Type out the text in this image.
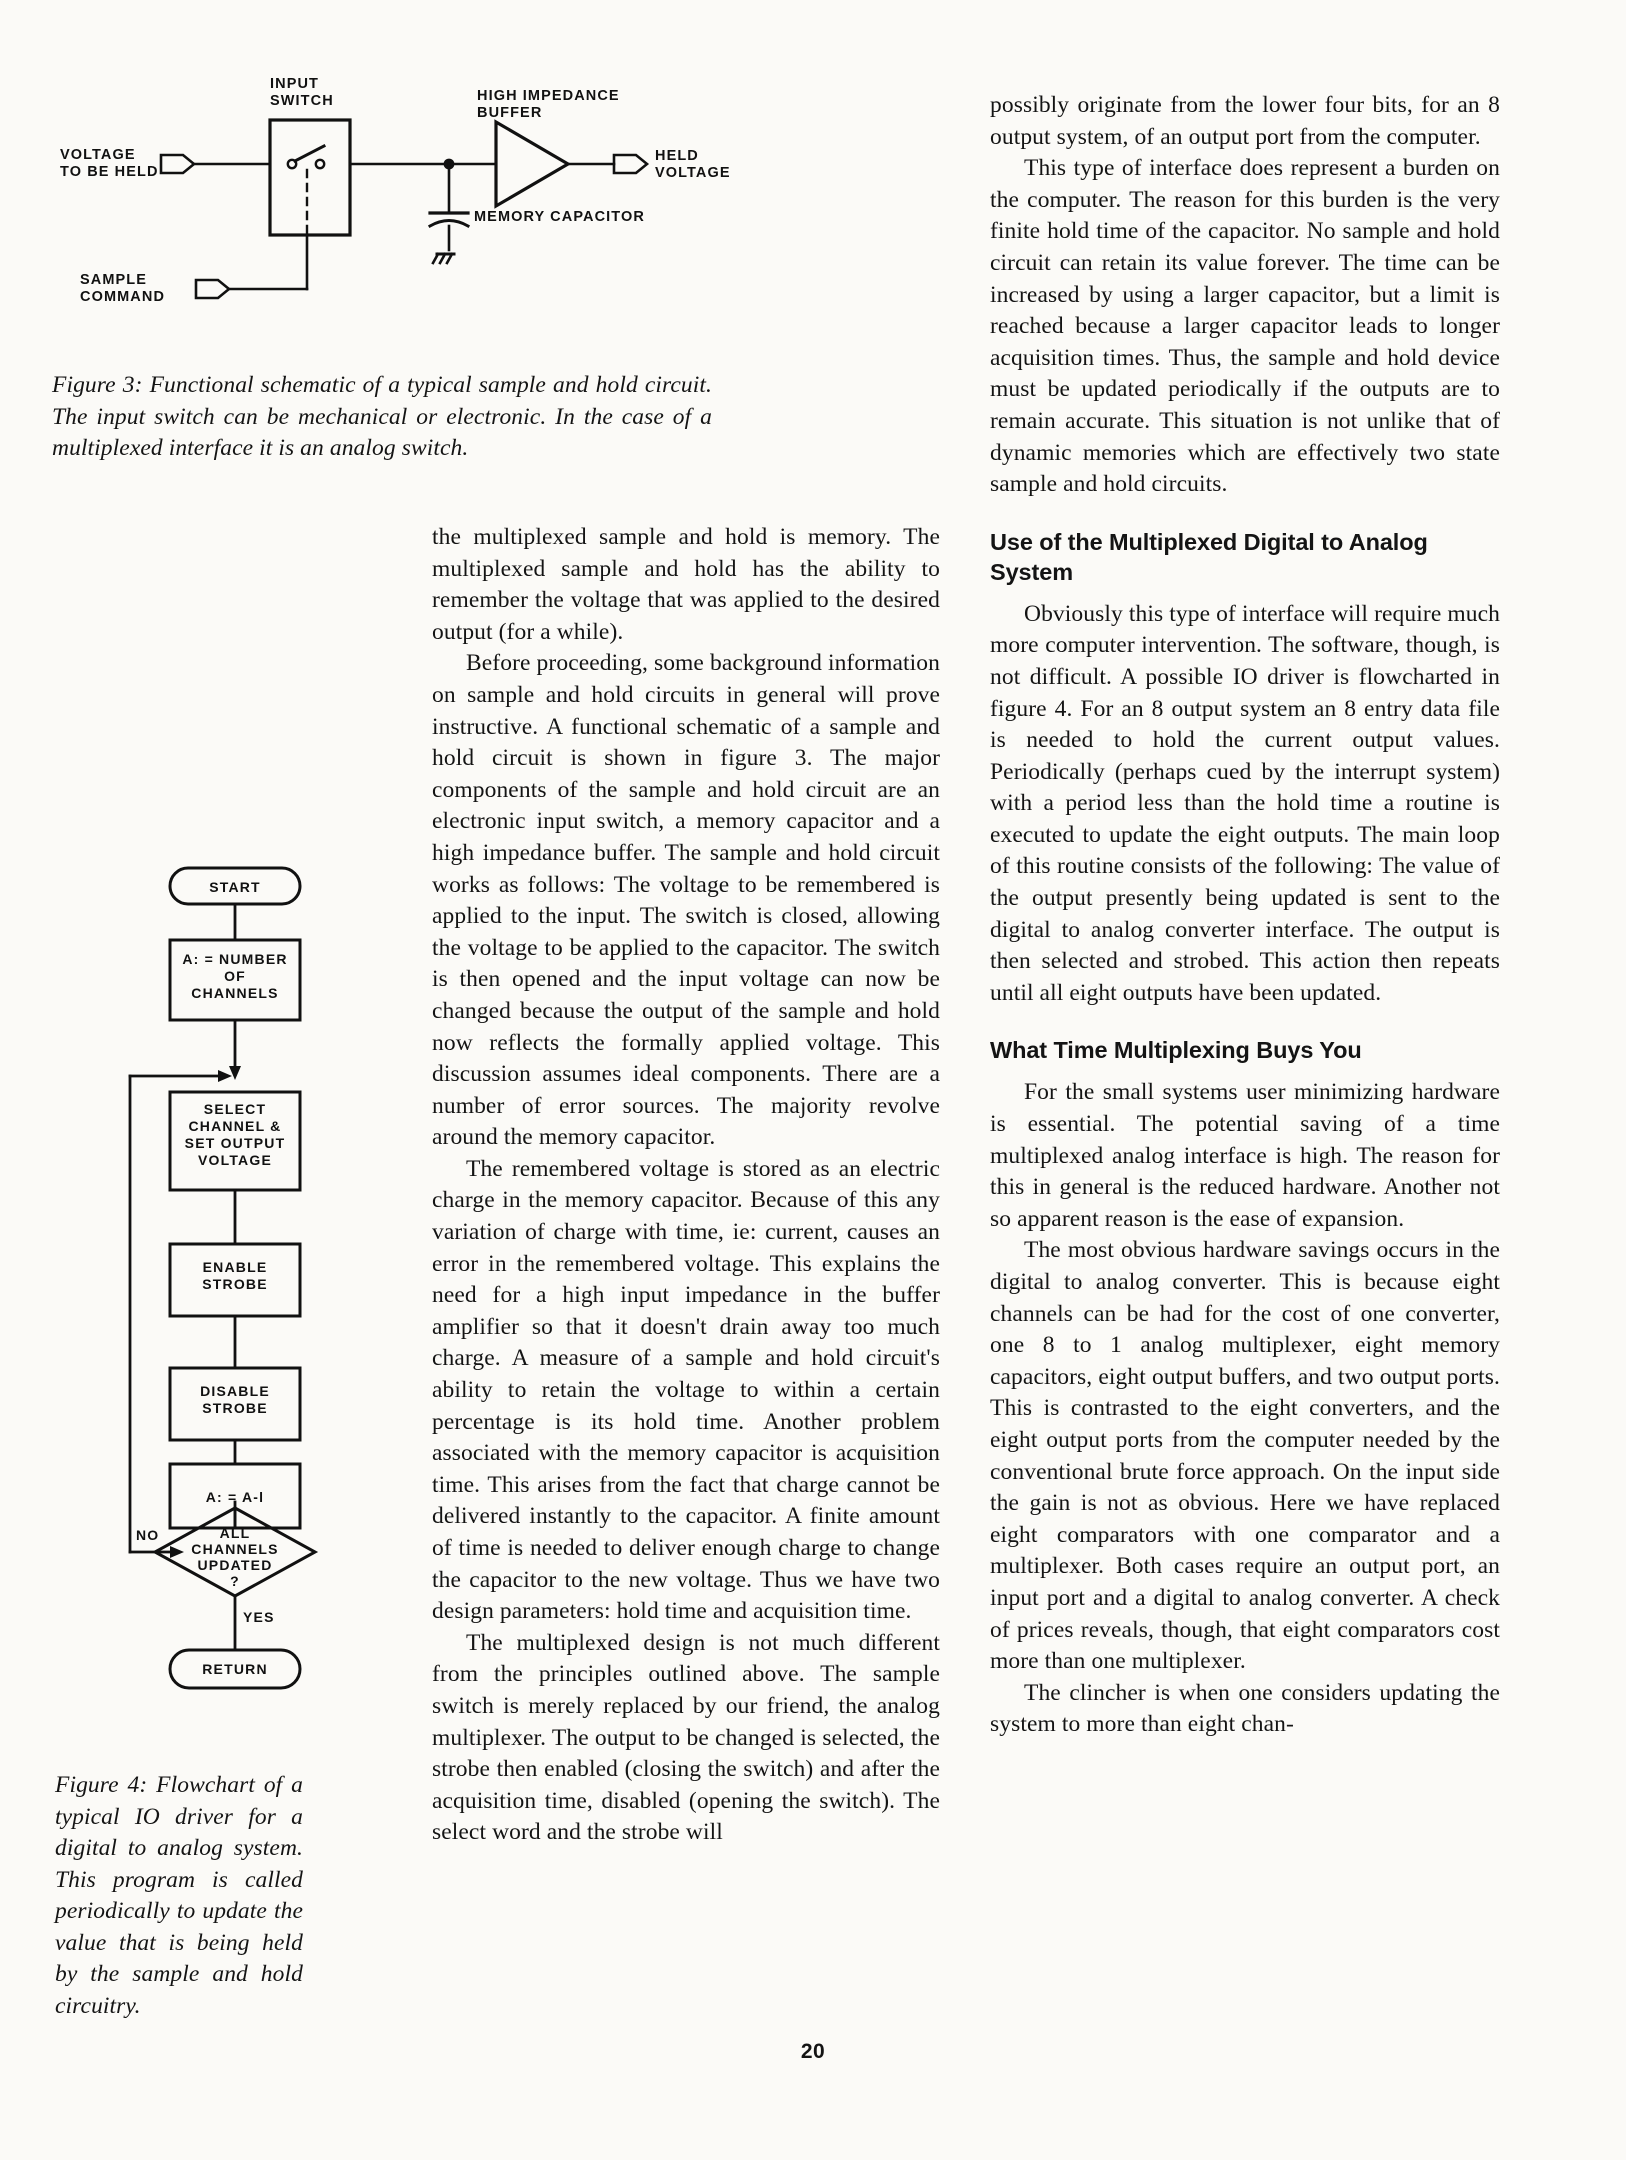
INPUT
SWITCH	HIGH IMPEDANCE
BUFFER
VOLTAGE
TO BE HELD
SAMPLE
COMMAND
HELD
VOLTAGE
MEMORY CAPACITOR
Figure 3: Functional schematic of a typical sample and hold circuit. The input switch can be mechanical or electronic. In the case of a multiplexed interface it is an analog switch.
START
A: = NUMBER
OF
CHANNELS
SELECT
CHANNEL &
SET OUTPUT
VOLTAGE
ENABLE
STROBE
DISABLE
STROBE
A: = A-l
ALL
CHANNELS
UPDATED
?
RETURN
NO
YES
Figure 4: Flowchart of a typical IO driver for a digital to analog system. This program is called periodically to update the value that is being held by the sample and hold circuitry.

the multiplexed sample and hold is memory. The multiplexed sample and hold has the ability to remember the voltage that was applied to the desired output (for a while).

Before proceeding, some background information on sample and hold circuits in general will prove instructive. A functional schematic of a sample and hold circuit is shown in figure 3. The major components of the sample and hold circuit are an electronic input switch, a memory capacitor and a high impedance buffer. The sample and hold circuit works as follows: The voltage to be remembered is applied to the input. The switch is closed, allowing the voltage to be applied to the capacitor. The switch is then opened and the input voltage can now be changed because the output of the sample and hold now reflects the formally applied voltage. This discussion assumes ideal components. There are a number of error sources. The majority revolve around the memory capacitor.

The remembered voltage is stored as an electric charge in the memory capacitor. Because of this any variation of charge with time, ie: current, causes an error in the remembered voltage. This explains the need for a high input impedance in the buffer amplifier so that it doesn't drain away too much charge. A measure of a sample and hold circuit's ability to retain the voltage to within a certain percentage is its hold time. Another problem associated with the memory capacitor is acquisition time. This arises from the fact that charge cannot be delivered instantly to the capacitor. A finite amount of time is needed to deliver enough charge to change the capacitor to the new voltage. Thus we have two design parameters: hold time and acquisition time.

The multiplexed design is not much different from the principles outlined above. The sample switch is merely replaced by our friend, the analog multiplexer. The output to be changed is selected, the strobe then enabled (closing the switch) and after the acquisition time, disabled (opening the switch). The select word and the strobe will

possibly originate from the lower four bits, for an 8 output system, of an output port from the computer.

This type of interface does represent a burden on the computer. The reason for this burden is the very finite hold time of the capacitor. No sample and hold circuit can retain its value forever. The time can be increased by using a larger capacitor, but a limit is reached because a larger capacitor leads to longer acquisition times. Thus, the sample and hold device must be updated periodically if the outputs are to remain accurate. This situation is not unlike that of dynamic memories which are effectively two state sample and hold circuits.

Use of the Multiplexed Digital to Analog System

Obviously this type of interface will require much more computer intervention. The software, though, is not difficult. A possible IO driver is flowcharted in figure 4. For an 8 output system an 8 entry data file is needed to hold the current output values. Periodically (perhaps cued by the interrupt system) with a period less than the hold time a routine is executed to update the eight outputs. The main loop of this routine consists of the following: The value of the output presently being updated is sent to the digital to analog converter interface. The output is then selected and strobed. This action then repeats until all eight outputs have been updated.

What Time Multiplexing Buys You

For the small systems user minimizing hardware is essential. The potential saving of a time multiplexed analog interface is high. The reason for this in general is the reduced hardware. Another not so apparent reason is the ease of expansion.

The most obvious hardware savings occurs in the digital to analog converter. This is because eight channels can be had for the cost of one converter, one 8 to 1 analog multiplexer, eight memory capacitors, eight output buffers, and two output ports. This is contrasted to the eight converters, and the eight output ports from the computer needed by the conventional brute force approach. On the input side the gain is not as obvious. Here we have replaced eight comparators with one comparator and a multiplexer. Both cases require an output port, an input port and a digital to analog converter. A check of prices reveals, though, that eight comparators cost more than one multiplexer.

The clincher is when one considers updating the system to more than eight chan-

20
